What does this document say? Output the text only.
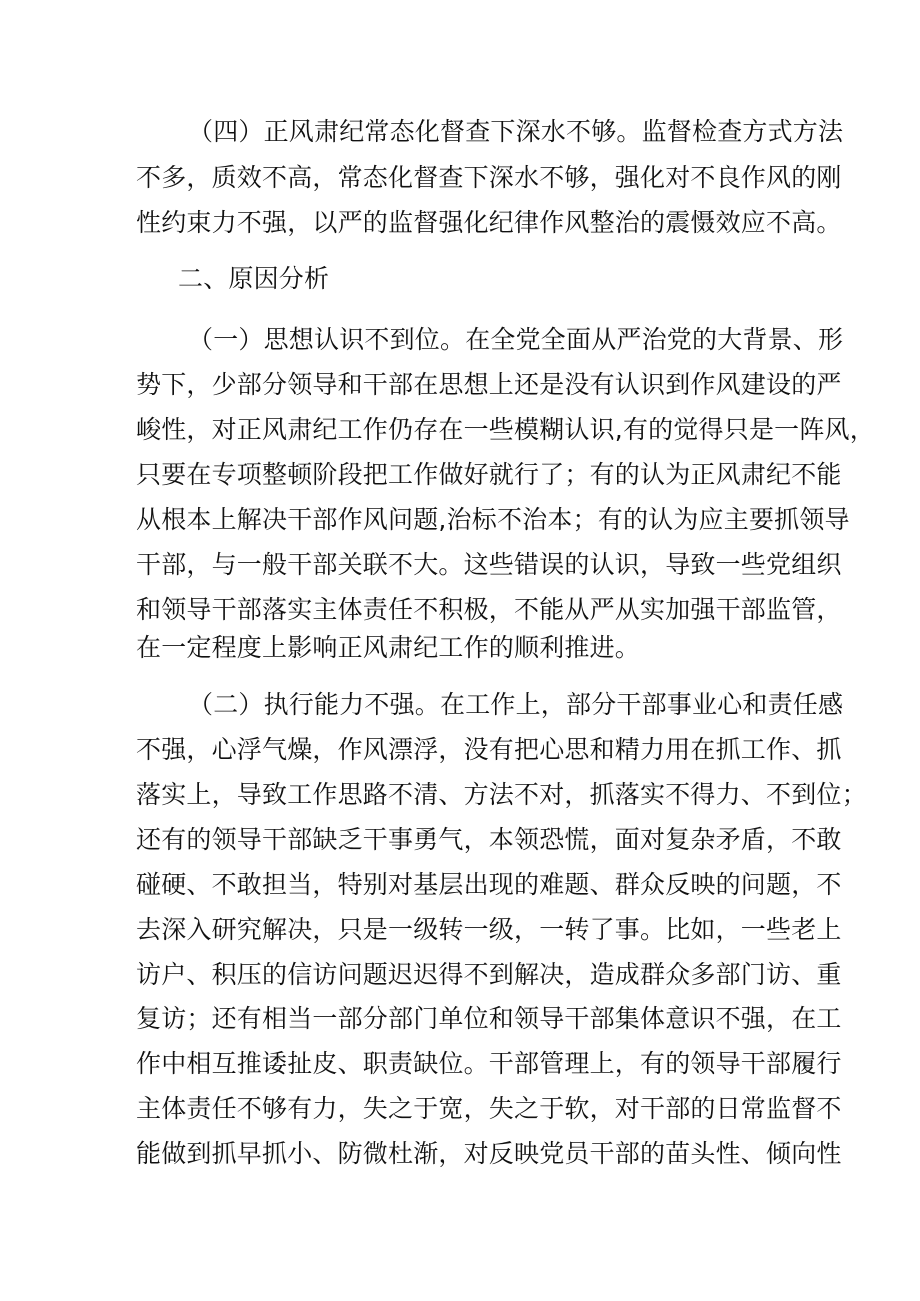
（四）正风肃纪常态化督查下深水不够。监督检查方式方法
不多，质效不高，常态化督查下深水不够，强化对不良作风的刚
性约束力不强，以严的监督强化纪律作风整治的震慑效应不高。
二、原因分析
（一）思想认识不到位。在全党全面从严治党的大背景、形
势下，少部分领导和干部在思想上还是没有认识到作风建设的严
峻性，对正风肃纪工作仍存在一些模糊认识,有的觉得只是一阵风，
只要在专项整顿阶段把工作做好就行了；有的认为正风肃纪不能
从根本上解决干部作风问题,治标不治本；有的认为应主要抓领导
干部，与一般干部关联不大。这些错误的认识，导致一些党组织
和领导干部落实主体责任不积极，不能从严从实加强干部监管，
在一定程度上影响正风肃纪工作的顺利推进。
（二）执行能力不强。在工作上，部分干部事业心和责任感
不强，心浮气燥，作风漂浮，没有把心思和精力用在抓工作、抓
落实上，导致工作思路不清、方法不对，抓落实不得力、不到位；
还有的领导干部缺乏干事勇气，本领恐慌，面对复杂矛盾，不敢
碰硬、不敢担当，特别对基层出现的难题、群众反映的问题，不
去深入研究解决，只是一级转一级，一转了事。比如，一些老上
访户、积压的信访问题迟迟得不到解决，造成群众多部门访、重
复访；还有相当一部分部门单位和领导干部集体意识不强，在工
作中相互推诿扯皮、职责缺位。干部管理上，有的领导干部履行
主体责任不够有力，失之于宽，失之于软，对干部的日常监督不
能做到抓早抓小、防微杜渐，对反映党员干部的苗头性、倾向性
